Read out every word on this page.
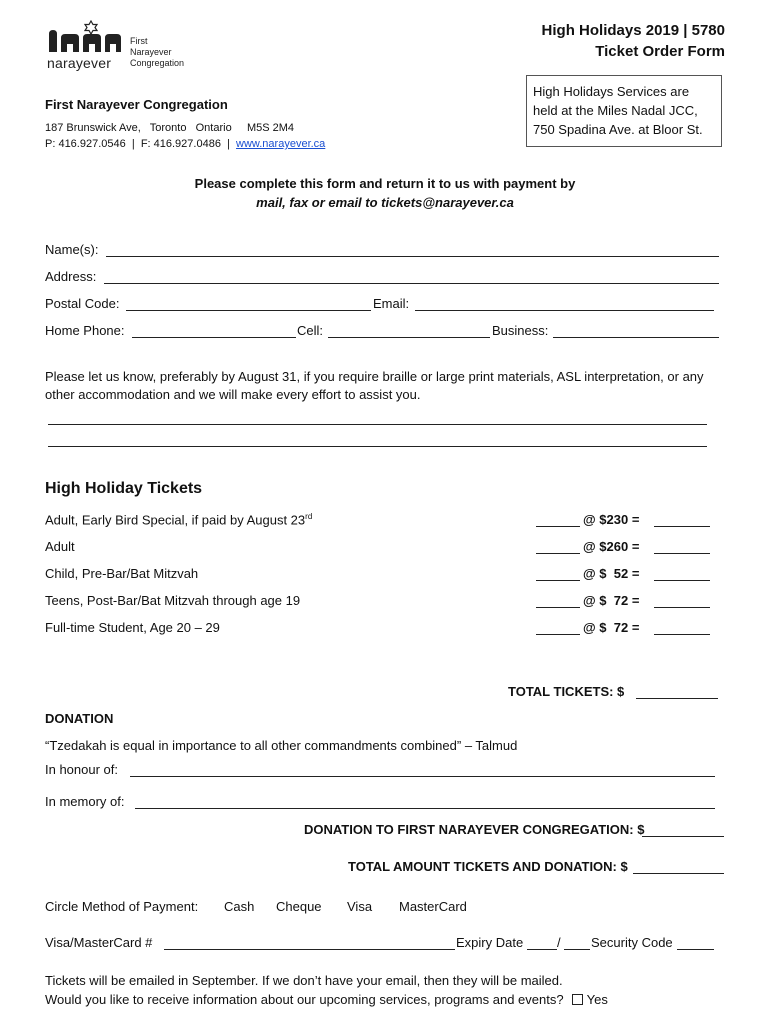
narayever
First
Narayever
Congregation
High Holidays 2019 | 5780
Ticket Order Form
High Holidays Services are
held at the Miles Nadal JCC,
750 Spadina Ave. at Bloor St.
First Narayever Congregation
187 Brunswick Ave,   Toronto   Ontario     M5S 2M4
P: 416.927.0546  |  F: 416.927.0486  |  www.narayever.ca
Please complete this form and return it to us with payment by
mail, fax or email to tickets@narayever.ca
Name(s):
Address:
Postal Code:	Email:
Home Phone:	Cell:	Business:
Please let us know, preferably by August 31, if you require braille or large print materials, ASL interpretation, or any other accommodation and we will make every effort to assist you.
High Holiday Tickets
Adult, Early Bird Special, if paid by August 23rd	@ $230 =
Adult	@ $260 =
Child, Pre-Bar/Bat Mitzvah	@ $  52 =
Teens, Post-Bar/Bat Mitzvah through age 19	@ $  72 =
Full-time Student, Age 20 – 29	@ $  72 =
TOTAL TICKETS: $
DONATION
“Tzedakah is equal in importance to all other commandments combined” – Talmud
In honour of:
In memory of:
DONATION TO FIRST NARAYEVER CONGREGATION: $
TOTAL AMOUNT TICKETS AND DONATION: $
Circle Method of Payment: Cash Cheque Visa MasterCard
Visa/MasterCard #	Expiry Date	/ Security Code
Tickets will be emailed in September. If we don’t have your email, then they will be mailed.
Would you like to receive information about our upcoming services, programs and events? Yes
